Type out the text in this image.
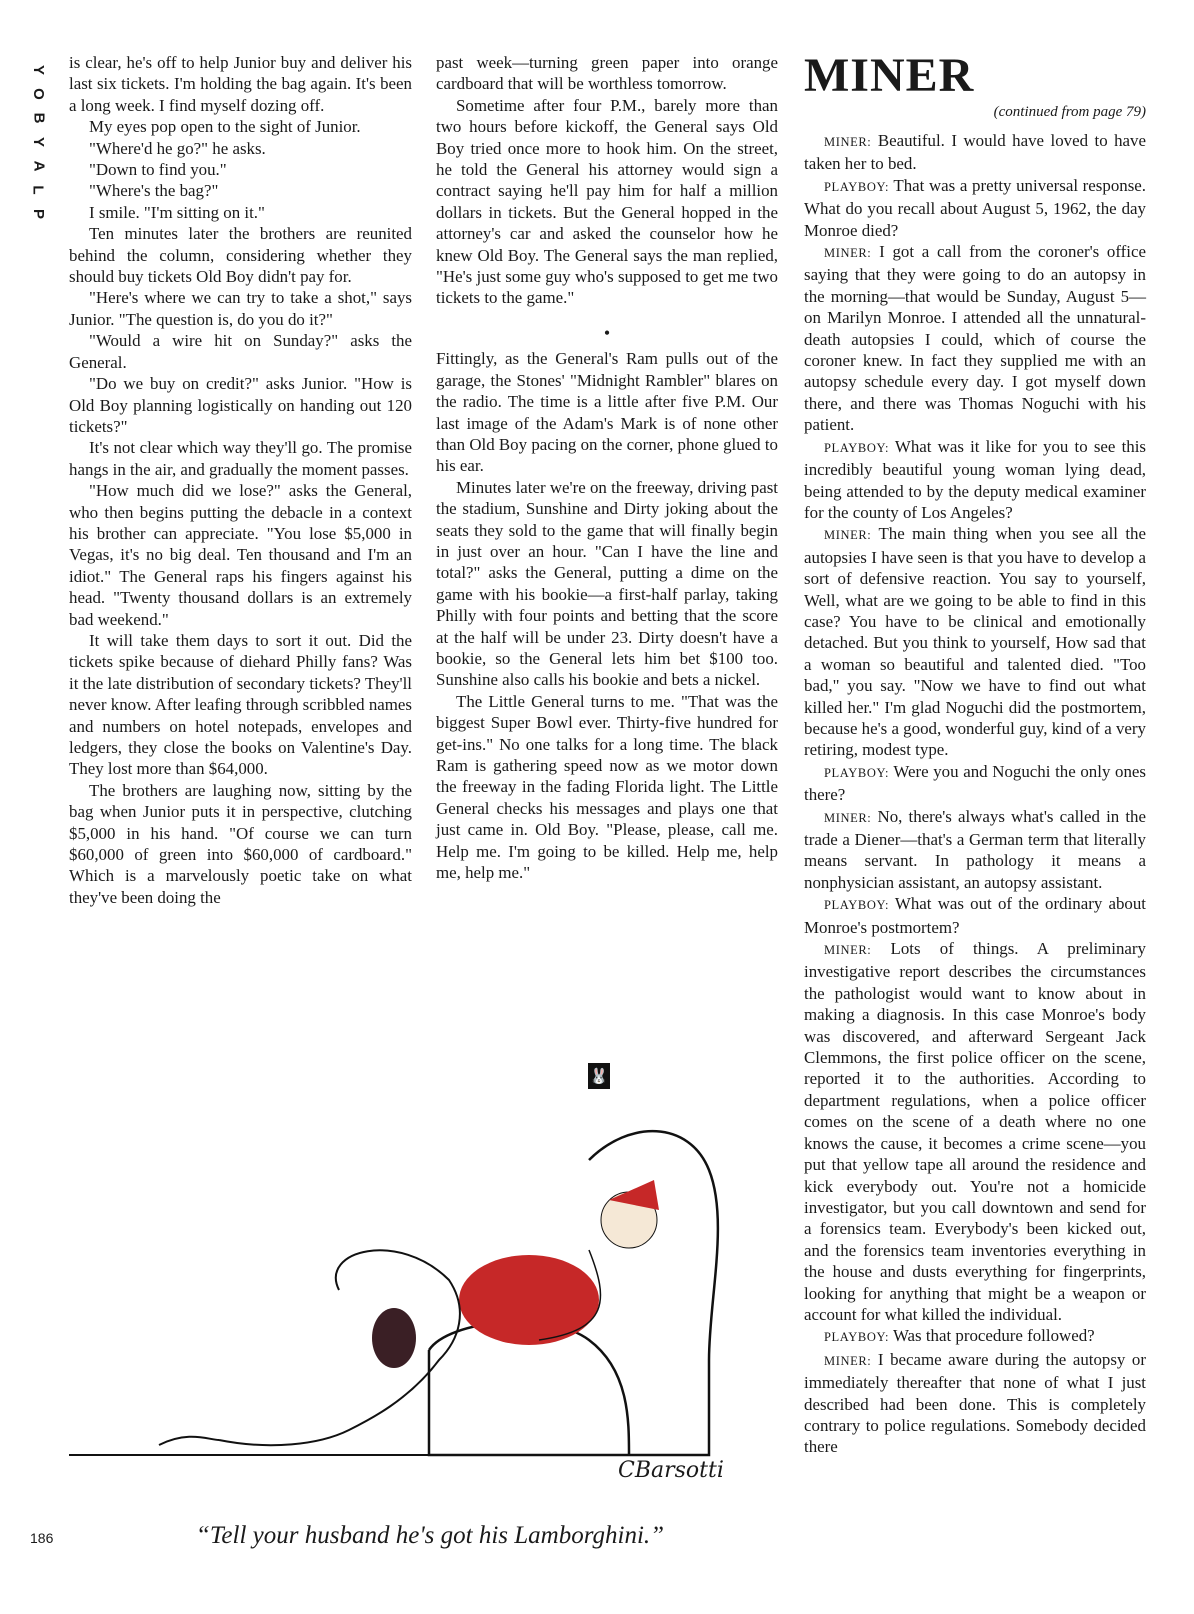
Y
O
B
Y
A
L
P

is clear, he's off to help Junior buy and deliver his last six tickets. I'm holding the bag again. It's been a long week. I find myself dozing off.

My eyes pop open to the sight of Junior.

"Where'd he go?" he asks.

"Down to find you."

"Where's the bag?"

I smile. "I'm sitting on it."

Ten minutes later the brothers are reunited behind the column, considering whether they should buy tickets Old Boy didn't pay for.

"Here's where we can try to take a shot," says Junior. "The question is, do you do it?"

"Would a wire hit on Sunday?" asks the General.

"Do we buy on credit?" asks Junior. "How is Old Boy planning logistically on handing out 120 tickets?"

It's not clear which way they'll go. The promise hangs in the air, and gradually the moment passes.

"How much did we lose?" asks the General, who then begins putting the debacle in a context his brother can appreciate. "You lose $5,000 in Vegas, it's no big deal. Ten thousand and I'm an idiot." The General raps his fingers against his head. "Twenty thousand dollars is an extremely bad weekend."

It will take them days to sort it out. Did the tickets spike because of diehard Philly fans? Was it the late distribution of secondary tickets? They'll never know. After leafing through scribbled names and numbers on hotel notepads, envelopes and ledgers, they close the books on Valentine's Day. They lost more than $64,000.

The brothers are laughing now, sitting by the bag when Junior puts it in perspective, clutching $5,000 in his hand. "Of course we can turn $60,000 of green into $60,000 of cardboard." Which is a marvelously poetic take on what they've been doing the

past week—turning green paper into orange cardboard that will be worthless tomorrow.

Sometime after four P.M., barely more than two hours before kickoff, the General says Old Boy tried once more to hook him. On the street, he told the General his attorney would sign a contract saying he'll pay him for half a million dollars in tickets. But the General hopped in the attorney's car and asked the counselor how he knew Old Boy. The General says the man replied, "He's just some guy who's supposed to get me two tickets to the game."

•

Fittingly, as the General's Ram pulls out of the garage, the Stones' "Midnight Rambler" blares on the radio. The time is a little after five P.M. Our last image of the Adam's Mark is of none other than Old Boy pacing on the corner, phone glued to his ear.

Minutes later we're on the freeway, driving past the stadium, Sunshine and Dirty joking about the seats they sold to the game that will finally begin in just over an hour. "Can I have the line and total?" asks the General, putting a dime on the game with his bookie—a first-half parlay, taking Philly with four points and betting that the score at the half will be under 23. Dirty doesn't have a bookie, so the General lets him bet $100 too. Sunshine also calls his bookie and bets a nickel.

The Little General turns to me. "That was the biggest Super Bowl ever. Thirty-five hundred for get-ins." No one talks for a long time. The black Ram is gathering speed now as we motor down the freeway in the fading Florida light. The Little General checks his messages and plays one that just came in. Old Boy. "Please, please, call me. Help me. I'm going to be killed. Help me, help me, help me."

🐰
MINER
(continued from page 79)

MINER: Beautiful. I would have loved to have taken her to bed.

PLAYBOY: That was a pretty universal response. What do you recall about August 5, 1962, the day Monroe died?

MINER: I got a call from the coroner's office saying that they were going to do an autopsy in the morning—that would be Sunday, August 5—on Marilyn Monroe. I attended all the unnatural-death autopsies I could, which of course the coroner knew. In fact they supplied me with an autopsy schedule every day. I got myself down there, and there was Thomas Noguchi with his patient.

PLAYBOY: What was it like for you to see this incredibly beautiful young woman lying dead, being attended to by the deputy medical examiner for the county of Los Angeles?

MINER: The main thing when you see all the autopsies I have seen is that you have to develop a sort of defensive reaction. You say to yourself, Well, what are we going to be able to find in this case? You have to be clinical and emotionally detached. But you think to yourself, How sad that a woman so beautiful and talented died. "Too bad," you say. "Now we have to find out what killed her." I'm glad Noguchi did the postmortem, because he's a good, wonderful guy, kind of a very retiring, modest type.

PLAYBOY: Were you and Noguchi the only ones there?

MINER: No, there's always what's called in the trade a Diener—that's a German term that literally means servant. In pathology it means a nonphysician assistant, an autopsy assistant.

PLAYBOY: What was out of the ordinary about Monroe's postmortem?

MINER: Lots of things. A preliminary investigative report describes the circumstances the pathologist would want to know about in making a diagnosis. In this case Monroe's body was discovered, and afterward Sergeant Jack Clemmons, the first police officer on the scene, reported it to the authorities. According to department regulations, when a police officer comes on the scene of a death where no one knows the cause, it becomes a crime scene—you put that yellow tape all around the residence and kick everybody out. You're not a homicide investigator, but you call downtown and send for a forensics team. Everybody's been kicked out, and the forensics team inventories everything in the house and dusts everything for fingerprints, looking for anything that might be a weapon or account for what killed the individual.

PLAYBOY: Was that procedure followed?

MINER: I became aware during the autopsy or immediately thereafter that none of what I just described had been done. This is completely contrary to police regulations. Somebody decided there

CBarsotti
“Tell your husband he's got his Lamborghini.”
186
